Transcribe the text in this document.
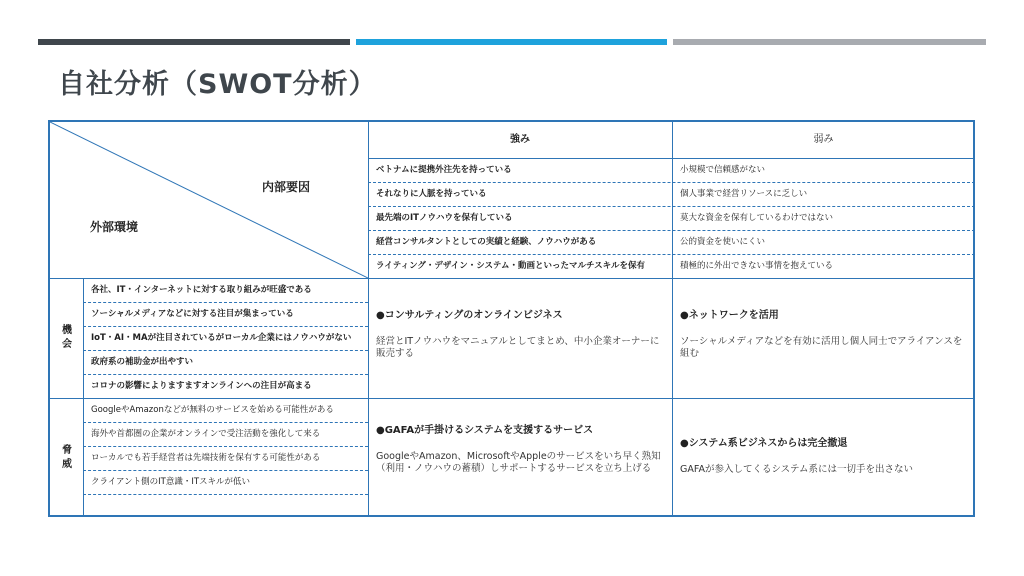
自社分析（SWOT分析）
内部要因
外部環境
強み	弱み
ベトナムに提携外注先を持っている
それなりに人脈を持っている
最先端のITノウハウを保有している
経営コンサルタントとしての実績と経験、ノウハウがある
ライティング・デザイン・システム・動画といったマルチスキルを保有
小規模で信頼感がない
個人事業で経営リソースに乏しい
莫大な資金を保有しているわけではない
公的資金を使いにくい
積極的に外出できない事情を抱えている
機会
脅威
各社、IT・インターネットに対する取り組みが旺盛である
ソーシャルメディアなどに対する注目が集まっている
IoT・AI・MAが注目されているがローカル企業にはノウハウがない
政府系の補助金が出やすい
コロナの影響によりますますオンラインへの注目が高まる
GoogleやAmazonなどが無料のサービスを始める可能性がある
海外や首都圏の企業がオンラインで受注活動を強化して来る
ローカルでも若手経営者は先端技術を保有する可能性がある
クライアント側のIT意識・ITスキルが低い
●コンサルティングのオンラインビジネス
経営とITノウハウをマニュアルとしてまとめ、中小企業オーナーに販売する
●ネットワークを活用
ソーシャルメディアなどを有効に活用し個人同士でアライアンスを組む
●GAFAが手掛けるシステムを支援するサービス
GoogleやAmazon、MicrosoftやAppleのサービスをいち早く熟知（利用・ノウハウの蓄積）しサポートするサービスを立ち上げる
●システム系ビジネスからは完全撤退
GAFAが参入してくるシステム系には一切手を出さない
